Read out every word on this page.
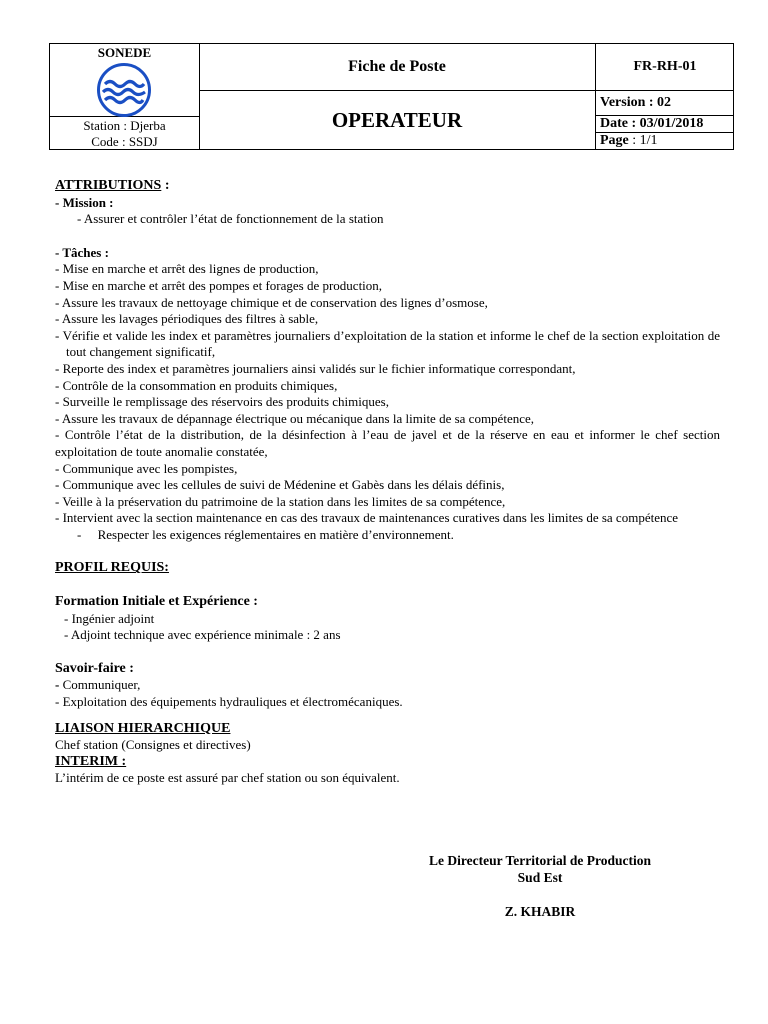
SONEDE
Station : Djerba
Code : SSDJ
Fiche de Poste
OPERATEUR
FR-RH-01
Version : 02
Date : 03/01/2018
Page : 1/1

ATTRIBUTIONS :

- Mission :

- Assurer et contrôler l’état de fonctionnement de la station

- Tâches :

- Mise en marche et arrêt des lignes de production,

- Mise en marche et arrêt des pompes et forages de production,

- Assure les travaux de nettoyage chimique et de conservation des lignes d’osmose,

- Assure les lavages périodiques des filtres à sable,

- Vérifie et valide les index et paramètres journaliers d’exploitation de la station et informe le chef de la section exploitation de tout changement significatif,

- Reporte des index et paramètres journaliers ainsi validés sur le fichier informatique correspondant,

- Contrôle de la consommation en produits chimiques,

- Surveille le remplissage des réservoirs des produits chimiques,

- Assure les travaux de dépannage électrique ou mécanique dans la limite de sa compétence,

- Contrôle l’état de la distribution, de la désinfection à l’eau de javel et de la réserve en eau et informer le chef section exploitation de toute anomalie constatée,

- Communique avec les pompistes,

- Communique avec les cellules de suivi de Médenine et Gabès dans les délais définis,

- Veille à la préservation du patrimoine de la station dans les limites de sa compétence,

- Intervient avec la section maintenance en cas des travaux de maintenances curatives dans les limites de sa compétence

-     Respecter les exigences réglementaires en matière d’environnement.

PROFIL REQUIS:

Formation Initiale et Expérience :

- Ingénier adjoint

- Adjoint technique avec expérience minimale : 2 ans

Savoir-faire :

- Communiquer,

- Exploitation des équipements hydrauliques et électromécaniques.

LIAISON HIERARCHIQUE

Chef station (Consignes et directives)

INTERIM :

L’intérim de ce poste est assuré par chef station ou son équivalent.

Le Directeur Territorial de Production
Sud Est
Z. KHABIR
